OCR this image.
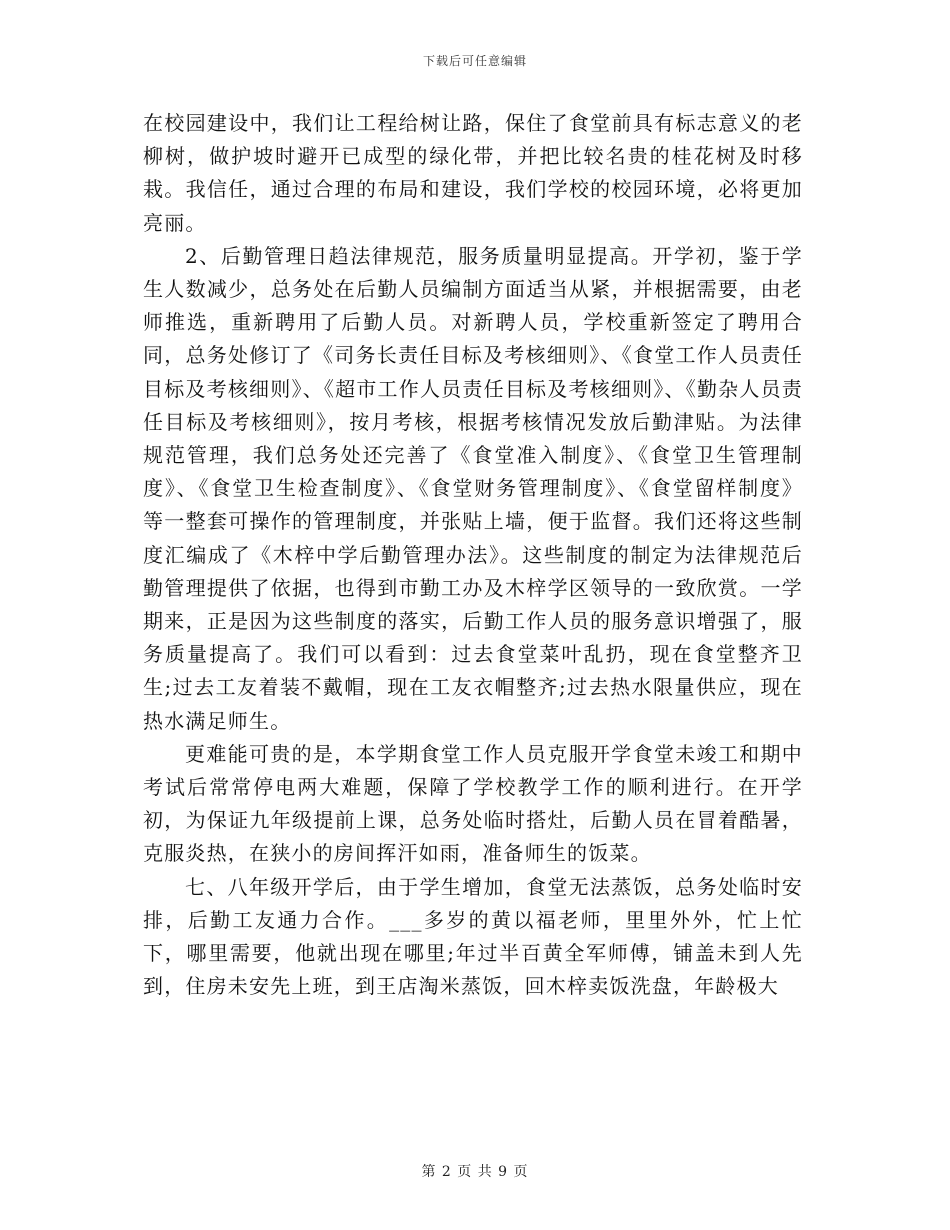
下载后可任意编辑

在校园建设中，我们让工程给树让路，保住了食堂前具有标志意义的老柳树，做护坡时避开已成型的绿化带，并把比较名贵的桂花树及时移栽。我信任，通过合理的布局和建设，我们学校的校园环境，必将更加亮丽。

2、后勤管理日趋法律规范，服务质量明显提高。开学初，鉴于学生人数减少，总务处在后勤人员编制方面适当从紧，并根据需要，由老师推选，重新聘用了后勤人员。对新聘人员，学校重新签定了聘用合同，总务处修订了《司务长责任目标及考核细则》、《食堂工作人员责任目标及考核细则》、《超市工作人员责任目标及考核细则》、《勤杂人员责任目标及考核细则》，按月考核，根据考核情况发放后勤津贴。为法律规范管理，我们总务处还完善了《食堂准入制度》、《食堂卫生管理制度》、《食堂卫生检查制度》、《食堂财务管理制度》、《食堂留样制度》等一整套可操作的管理制度，并张贴上墙，便于监督。我们还将这些制度汇编成了《木梓中学后勤管理办法》。这些制度的制定为法律规范后勤管理提供了依据，也得到市勤工办及木梓学区领导的一致欣赏。一学期来，正是因为这些制度的落实，后勤工作人员的服务意识增强了，服务质量提高了。我们可以看到：过去食堂菜叶乱扔，现在食堂整齐卫生;过去工友着装不戴帽，现在工友衣帽整齐;过去热水限量供应，现在热水满足师生。

更难能可贵的是，本学期食堂工作人员克服开学食堂未竣工和期中考试后常常停电两大难题，保障了学校教学工作的顺利进行。在开学初，为保证九年级提前上课，总务处临时搭灶，后勤人员在冒着酷暑，克服炎热，在狭小的房间挥汗如雨，准备师生的饭菜。

七、八年级开学后，由于学生增加，食堂无法蒸饭，总务处临时安排，后勤工友通力合作。___多岁的黄以福老师，里里外外，忙上忙下，哪里需要，他就出现在哪里;年过半百黄全军师傅，铺盖未到人先到，住房未安先上班，到王店淘米蒸饭，回木梓卖饭洗盘，年龄极大

第 2 页 共 9 页
